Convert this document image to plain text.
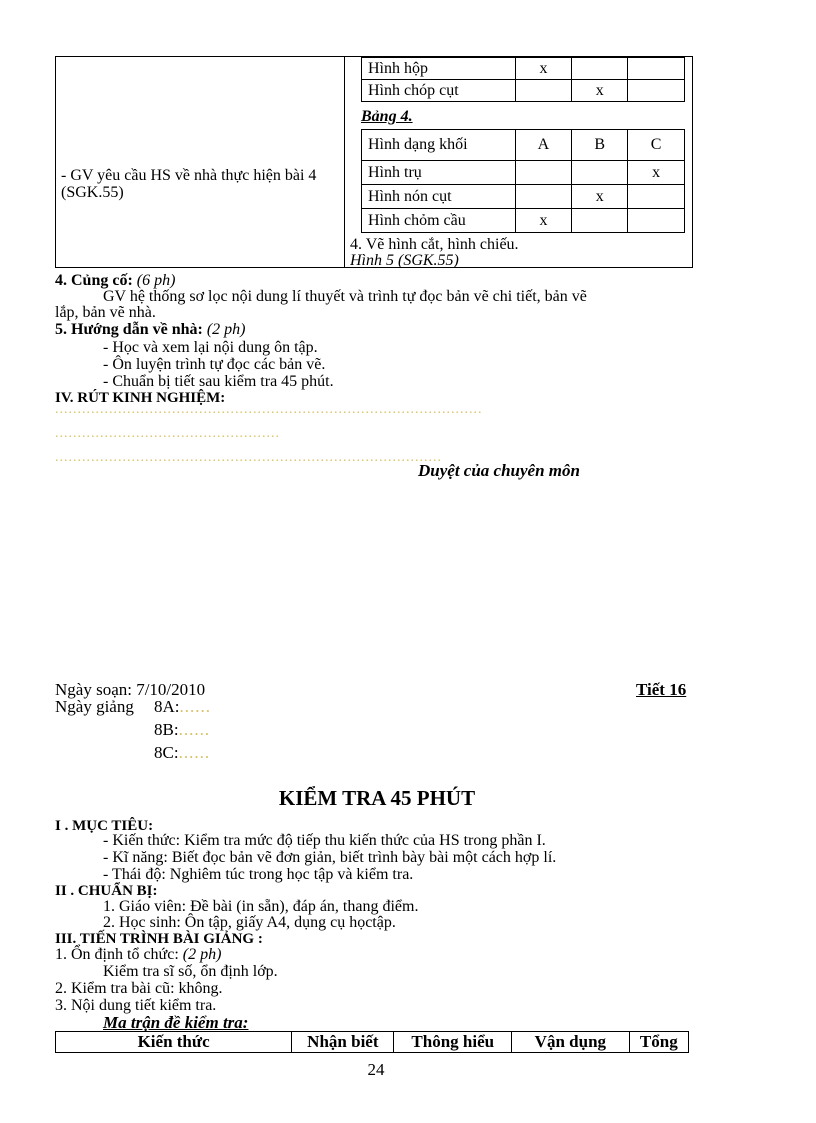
- GV yêu cầu HS về nhà thực hiện bài 4 (SGK.55)
Hình hộp	x		
Hình chóp cụt		x	
Bảng 4.
Hình dạng khối	A	B	C
Hình trụ			x
Hình nón cụt		x	
Hình chỏm cầu	x		
4. Vẽ hình cắt, hình chiếu.
Hình 5 (SGK.55)
4. Củng cố: (6 ph)
GV hệ thống sơ lọc nội dung lí thuyết và trình tự đọc bản vẽ chi tiết, bản vẽ
lắp, bản vẽ nhà.
5. Hướng dẫn về nhà: (2 ph)
- Học và xem lại nội dung ôn tập.
- Ôn luyện trình tự đọc các bản vẽ.
- Chuẩn bị tiết sau kiểm tra 45 phút.
IV. RÚT KINH NGHIỆM:
...............................................................................................
..................................................
......................................................................................
Duyệt của chuyên môn
Ngày soạn: 7/10/2010	Tiết 16
Ngày giảng 8A:......
8B:......
8C:......
KIỂM TRA 45 PHÚT
I . MỤC TIÊU:
- Kiến thức: Kiểm tra mức độ tiếp thu kiến thức của HS trong phần I.
- Kĩ năng: Biết đọc bản vẽ đơn giản, biết trình bày bài một cách hợp lí.
- Thái độ: Nghiêm túc trong học tập và kiểm tra.
II . CHUẨN BỊ:
1. Giáo viên: Đề bài (in sẵn), đáp án, thang điểm.
2. Học sinh: Ôn tập, giấy A4, dụng cụ họctập.
III. TIẾN TRÌNH BÀI GIẢNG :
1. Ổn định tổ chức: (2 ph)
Kiểm tra sĩ số, ổn định lớp.
2. Kiểm tra bài cũ: không.
3. Nội dung tiết kiểm tra.
Ma trận đề kiểm tra:
Kiến thức	Nhận biết	Thông hiểu	Vận dụng	Tổng
24
